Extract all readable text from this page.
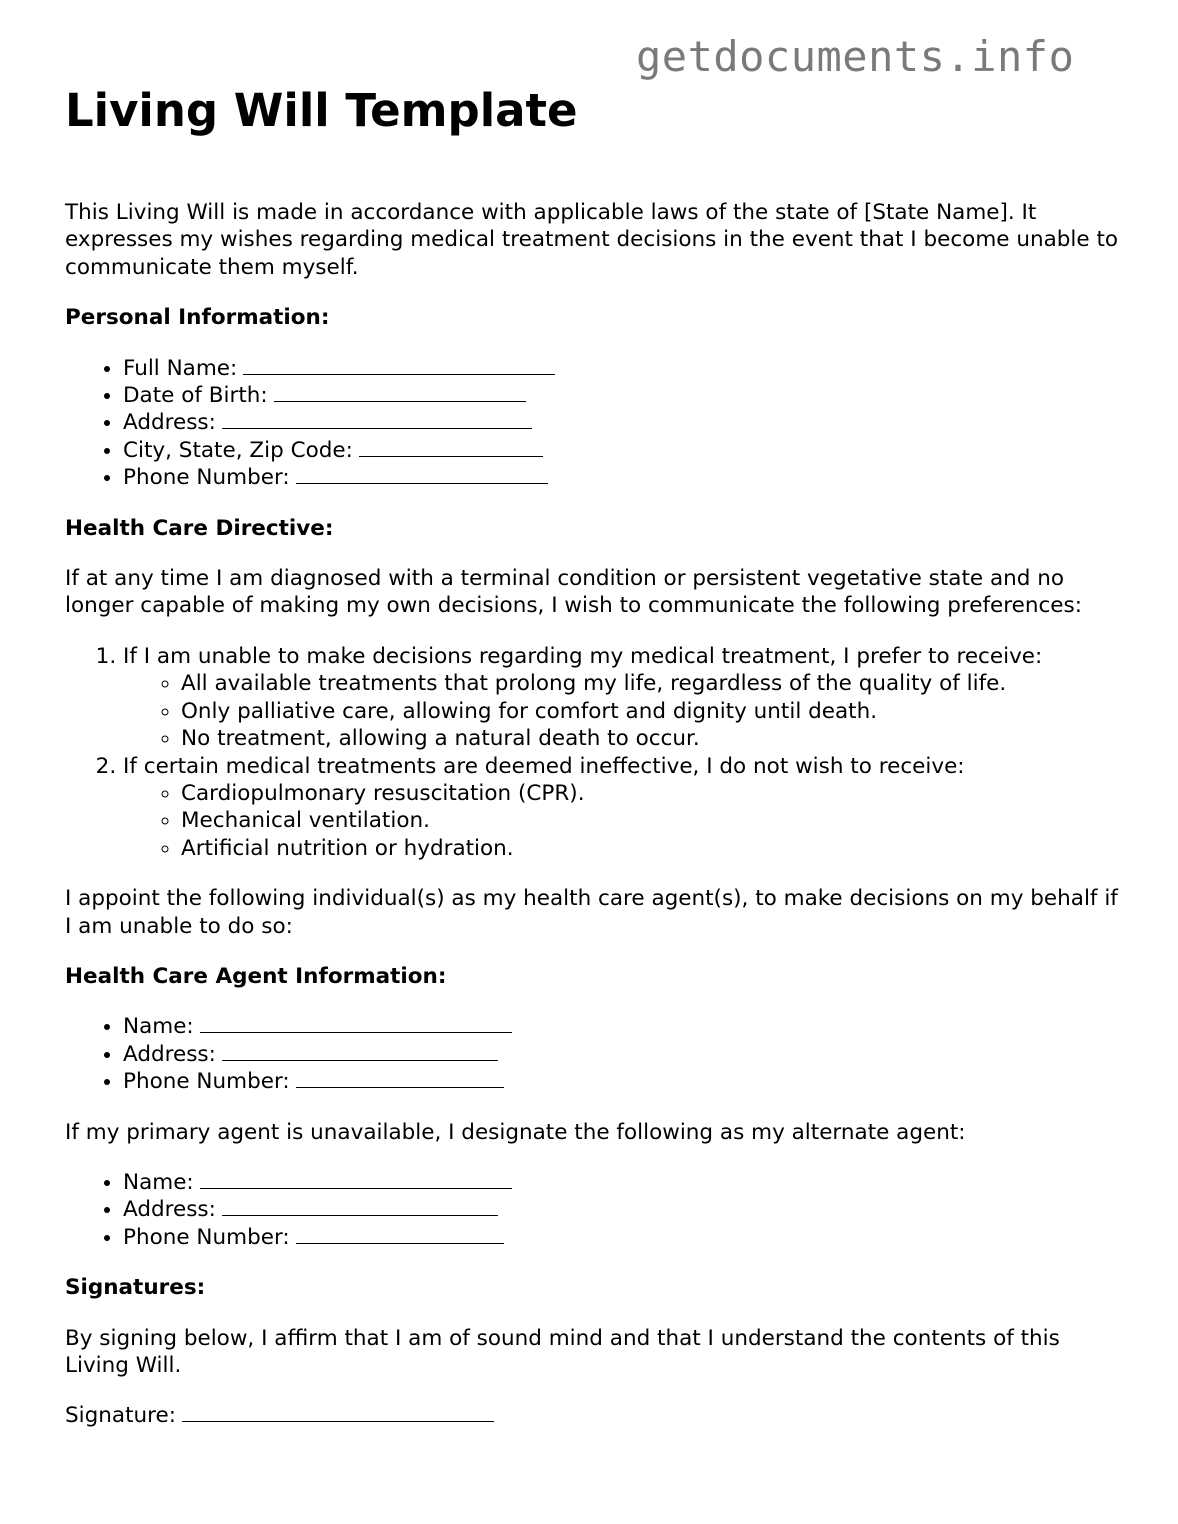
getdocuments.info
Living Will Template

This Living Will is made in accordance with applicable laws of the state of [State Name]. It expresses my wishes regarding medical treatment decisions in the event that I become unable to communicate them myself.

Personal Information:
• Full Name:
• Date of Birth:
• Address:
• City, State, Zip Code:
• Phone Number:
Health Care Directive:

If at any time I am diagnosed with a terminal condition or persistent vegetative state and no longer capable of making my own decisions, I wish to communicate the following preferences:

1. If I am unable to make decisions regarding my medical treatment, I prefer to receive:
◦ All available treatments that prolong my life, regardless of the quality of life.
◦ Only palliative care, allowing for comfort and dignity until death.
◦ No treatment, allowing a natural death to occur.
2. If certain medical treatments are deemed ineffective, I do not wish to receive:
◦ Cardiopulmonary resuscitation (CPR).
◦ Mechanical ventilation.
◦ Artificial nutrition or hydration.

I appoint the following individual(s) as my health care agent(s), to make decisions on my behalf if I am unable to do so:

Health Care Agent Information:
• Name:
• Address:
• Phone Number:

If my primary agent is unavailable, I designate the following as my alternate agent:

• Name:
• Address:
• Phone Number:
Signatures:

By signing below, I affirm that I am of sound mind and that I understand the contents of this Living Will.

Signature:
